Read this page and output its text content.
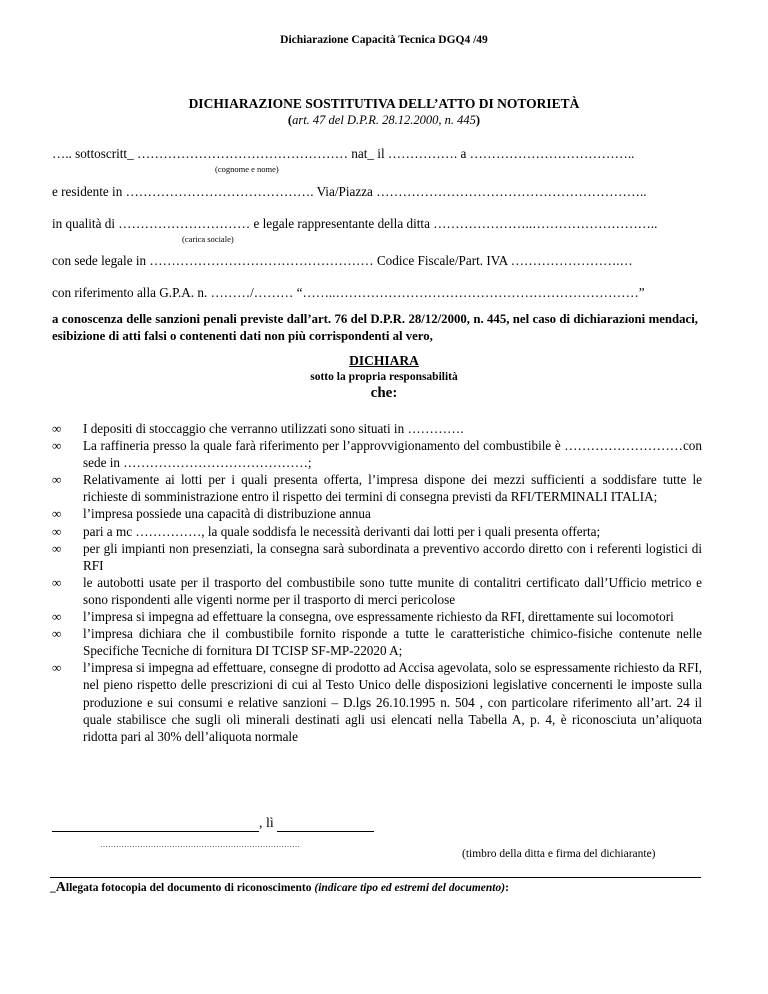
Dichiarazione Capacità Tecnica DGQ4 /49
DICHIARAZIONE SOSTITUTIVA DELL’ATTO DI NOTORIETÀ
(art. 47 del D.P.R. 28.12.2000, n. 445)
….. sottoscritt_ ………………………………………… nat_ il ……………. a ………………………………..
(cognome e nome)
e residente in ……………………………………. Via/Piazza ……………………………………………………..
in qualità di ………………………… e legale rappresentante della ditta …………………..………………………..
(carica sociale)
con sede legale in …………………………………………… Codice Fiscale/Part. IVA …………………….…
con riferimento alla G.P.A. n. ………/……… “……..……………………………………………………………”
a conoscenza delle sanzioni penali previste dall’art. 76 del D.P.R. 28/12/2000, n. 445, nel caso di dichiarazioni mendaci, esibizione di atti falsi o contenenti dati non più corrispondenti al vero,
DICHIARA
sotto la propria responsabilità
che:
∞ I depositi di stoccaggio che verranno utilizzati sono situati in ………….
∞ La raffineria presso la quale farà riferimento per l’approvvigionamento del combustibile è ………………………con sede in ……………………………………;
∞ Relativamente ai lotti per i quali presenta offerta, l’impresa dispone dei mezzi sufficienti a soddisfare tutte le richieste di somministrazione entro il rispetto dei termini di consegna previsti da RFI/TERMINALI ITALIA;
∞ l’impresa possiede una capacità di distribuzione annua
∞ pari a mc ……………, la quale soddisfa le necessità derivanti dai lotti per i quali presenta offerta;
∞ per gli impianti non presenziati, la consegna sarà subordinata a preventivo accordo diretto con i referenti logistici di RFI
∞ le autobotti usate per il trasporto del combustibile sono tutte munite di contalitri certificato dall’Ufficio metrico e sono rispondenti alle vigenti norme per il trasporto di merci pericolose
∞ l’impresa si impegna ad effettuare la consegna, ove espressamente richiesto da RFI, direttamente sui locomotori
∞ l’impresa dichiara che il combustibile fornito risponde a tutte le caratteristiche chimico-fisiche contenute nelle Specifiche Tecniche di fornitura DI TCISP SF-MP-22020 A;
∞ l’impresa si impegna ad effettuare, consegne di prodotto ad Accisa agevolata, solo se espressamente richiesto da RFI, nel pieno rispetto delle prescrizioni di cui al Testo Unico delle disposizioni legislative concernenti le imposte sulla produzione e sui consumi e relative sanzioni – D.lgs 26.10.1995 n. 504 , con particolare riferimento all’art. 24 il quale stabilisce che sugli oli minerali destinati agli usi elencati nella Tabella A, p. 4, è riconosciuta un’aliquota ridotta pari al 30% dell’aliquota normale
, lì
…………………………………………………………………
(timbro della ditta e firma del dichiarante)
_Allegata fotocopia del documento di riconoscimento (indicare tipo ed estremi del documento):
